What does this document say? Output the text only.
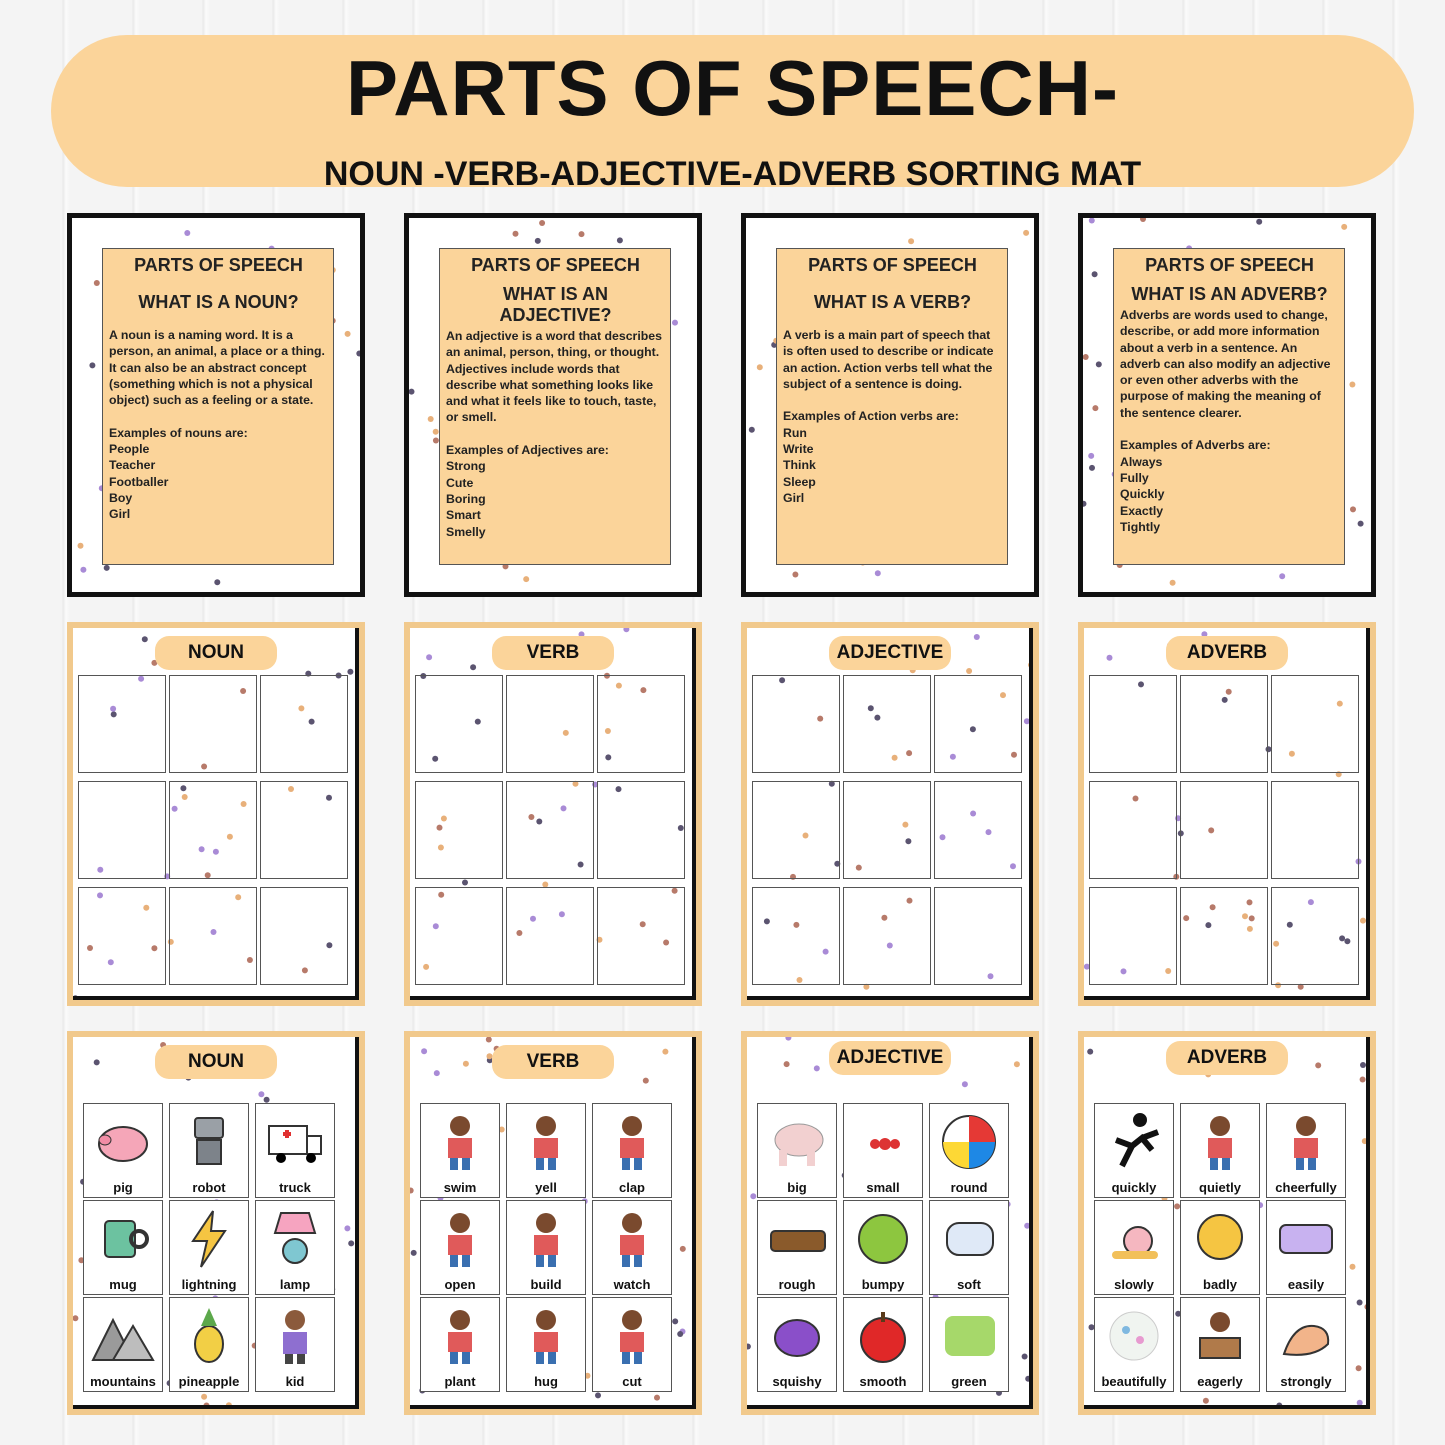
PARTS OF SPEECH-
NOUN -VERB-ADJECTIVE-ADVERB SORTING MAT
PARTS OF SPEECH
WHAT IS A NOUN?
A noun is a naming word. It is a person, an animal, a place or a thing. It can also be an abstract concept (something which is not a physical object) such as a feeling or a state.

Examples of nouns are:
People
Teacher
Footballer
Boy
Girl
PARTS OF SPEECH
WHAT IS AN ADJECTIVE?
An adjective is a word that describes an animal, person, thing, or thought. Adjectives include words that describe what something looks like and what it feels like to touch, taste, or smell.

Examples of Adjectives are:
Strong
Cute
Boring
Smart
Smelly
PARTS OF SPEECH
WHAT IS A VERB?
A verb is a main part of speech that is often used to describe or indicate an action. Action verbs tell what the subject of a sentence is doing.

Examples of Action verbs are:
Run
Write
Think
Sleep
Girl
PARTS OF SPEECH
WHAT IS AN ADVERB?
Adverbs are words used to change, describe, or add more information about a verb in a sentence. An adverb can also modify an adjective or even other adverbs with the purpose of making the meaning of the sentence clearer.

Examples of Adverbs are:
Always
Fully
Quickly
Exactly
Tightly
NOUN	VERB	ADJECTIVE	ADVERB
NOUN
pig	robot	truck
mug	lightning	lamp
mountains	pineapple	kid
VERB
swim	yell	clap
open	build	watch
plant	hug	cut
ADJECTIVE
big	small	round
rough	bumpy	soft
squishy	smooth	green
ADVERB
quickly	quietly	cheerfully
slowly	badly	easily
beautifully	eagerly	strongly
